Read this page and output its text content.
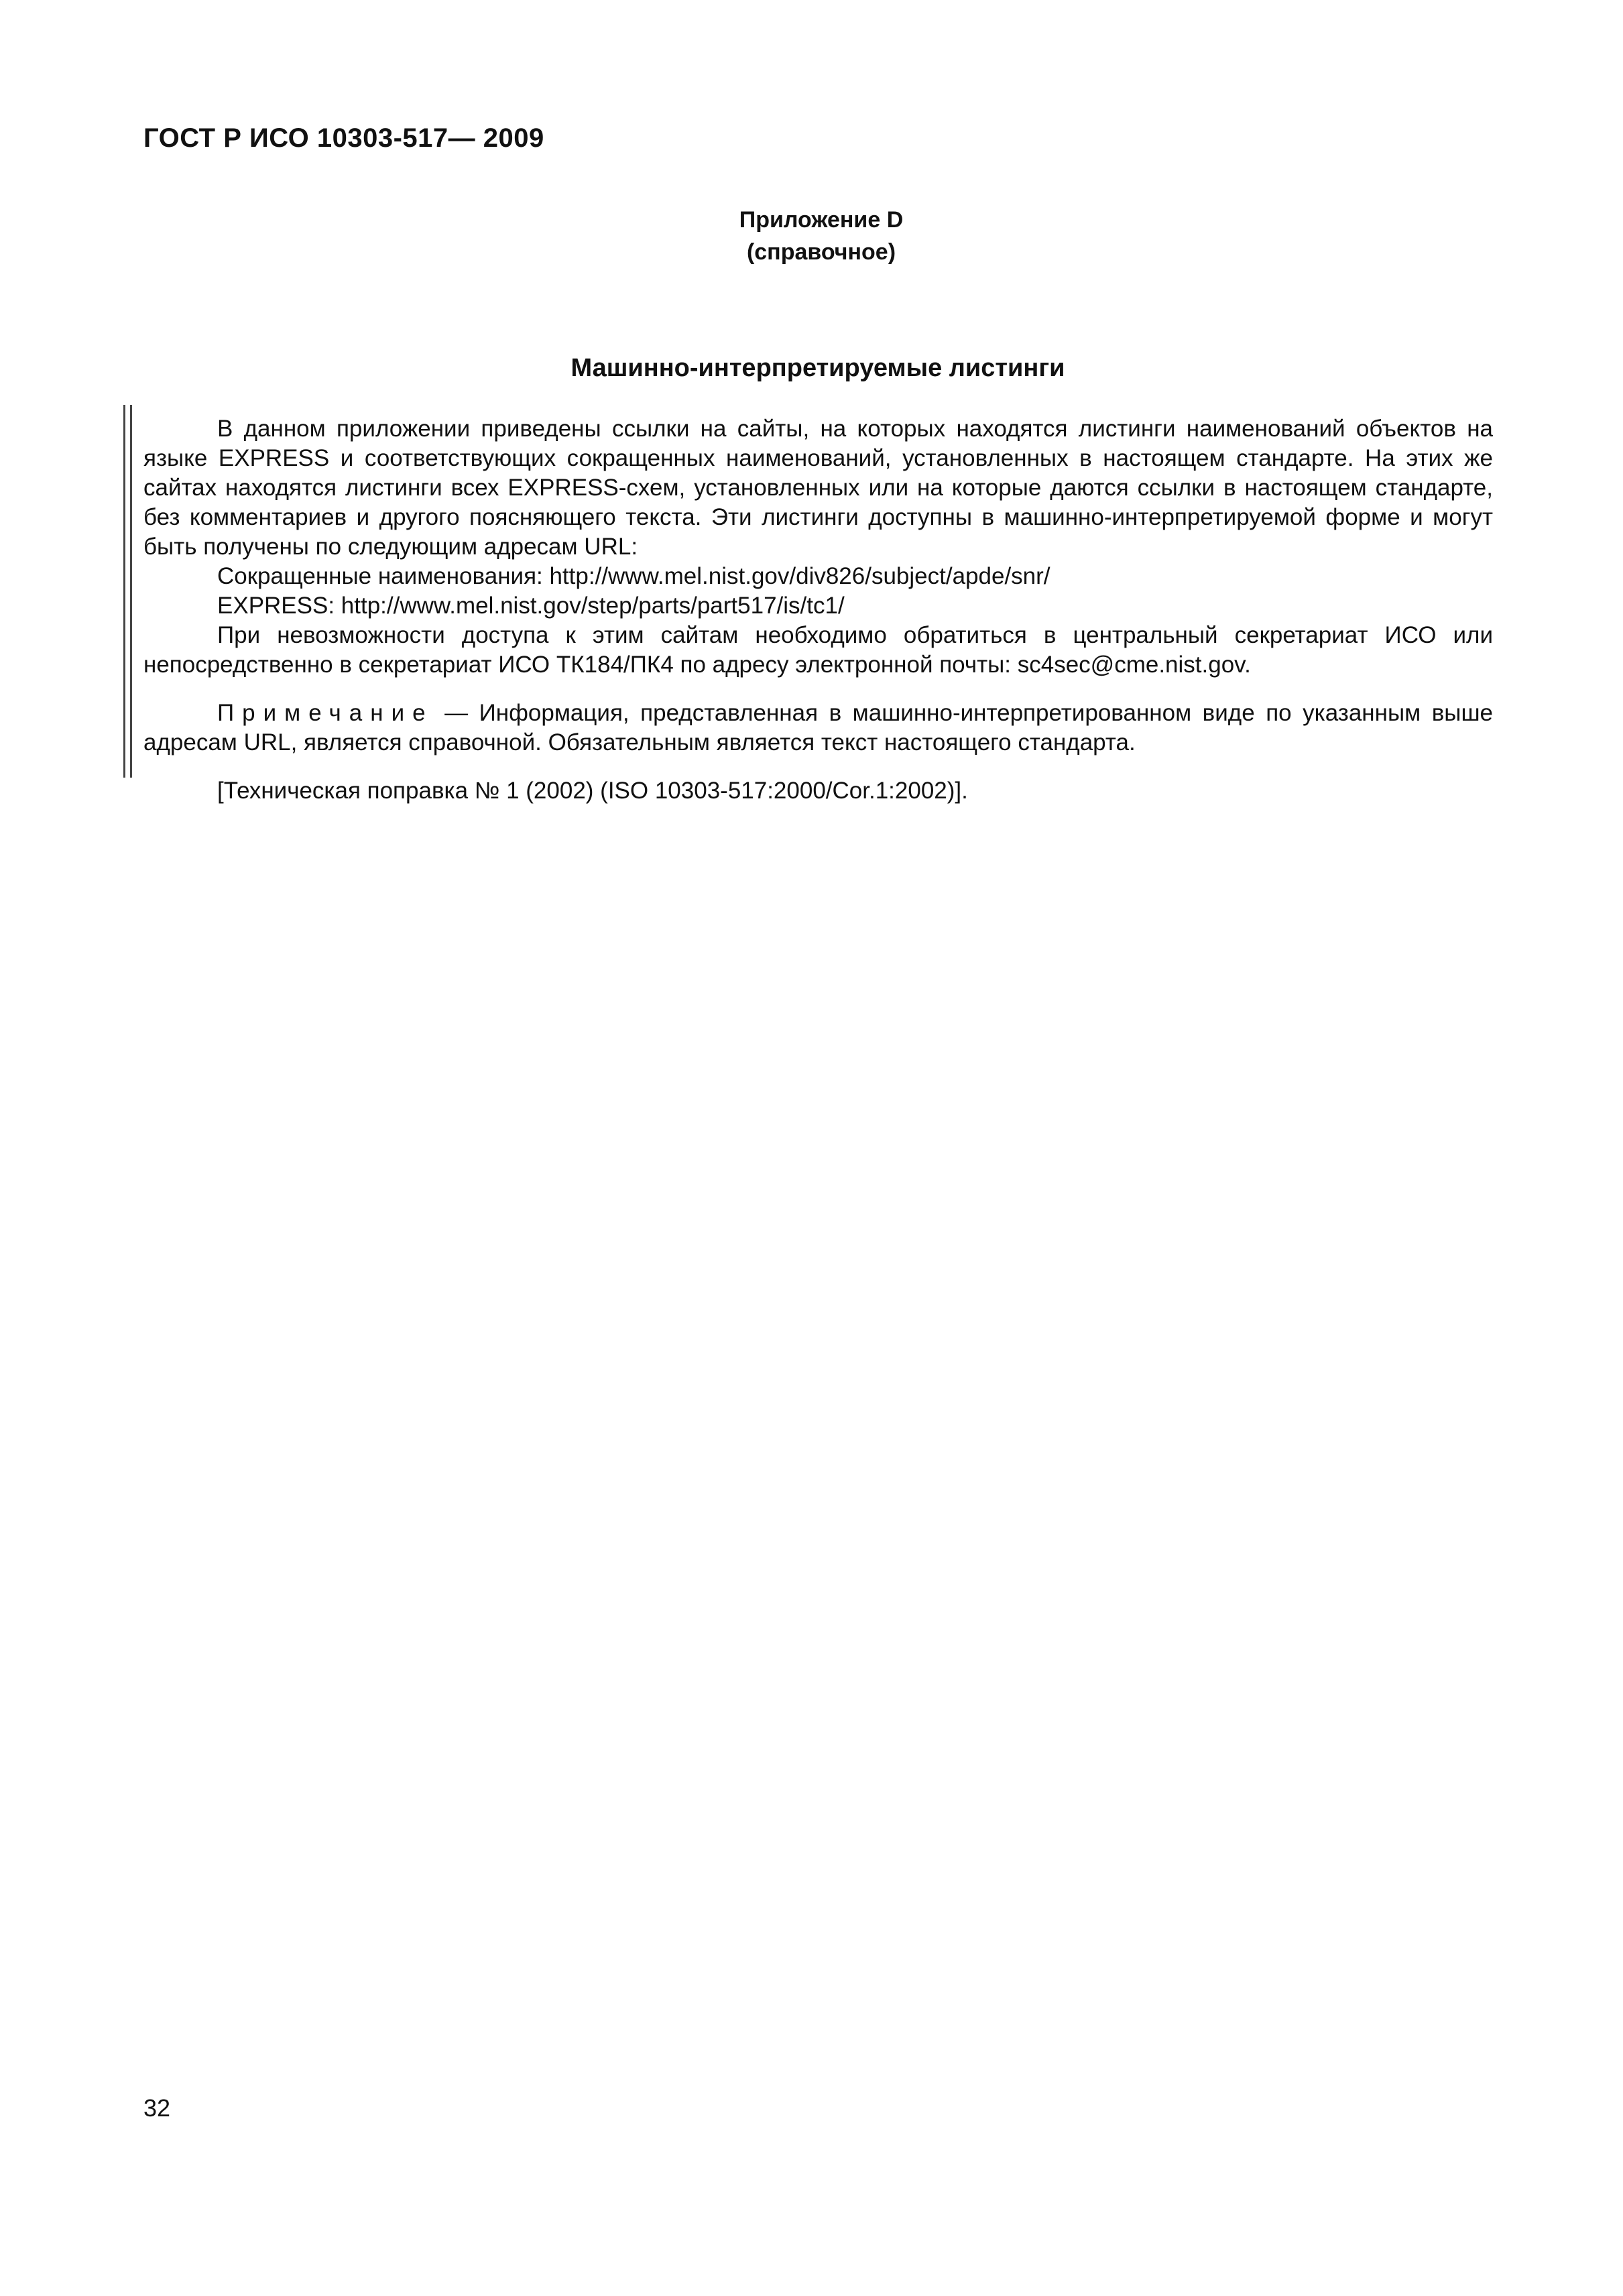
ГОСТ Р ИСО 10303-517— 2009
Приложение D
(справочное)
Машинно-интерпретируемые листинги

В данном приложении приведены ссылки на сайты, на которых находятся листинги наименований объектов на языке EXPRESS и соответствующих сокращенных наименований, установленных в настоящем стандарте. На этих же сайтах находятся листинги всех EXPRESS-схем, установленных или на которые даются ссылки в настоящем стандарте, без комментариев и другого поясняющего текста. Эти листинги доступны в машинно-интерпретируемой форме и могут быть получены по следующим адресам URL:

Сокращенные наименования: http://www.mel.nist.gov/div826/subject/apde/snr/

EXPRESS: http://www.mel.nist.gov/step/parts/part517/is/tc1/

При невозможности доступа к этим сайтам необходимо обратиться в центральный секретариат ИСО или непосредственно в секретариат ИСО ТК184/ПК4 по адресу электронной почты: sc4sec@cme.nist.gov.

Примечание — Информация, представленная в машинно-интерпретированном виде по указанным выше адресам URL, является справочной. Обязательным является текст настоящего стандарта.

[Техническая поправка № 1 (2002) (ISO 10303-517:2000/Cor.1:2002)].

32
